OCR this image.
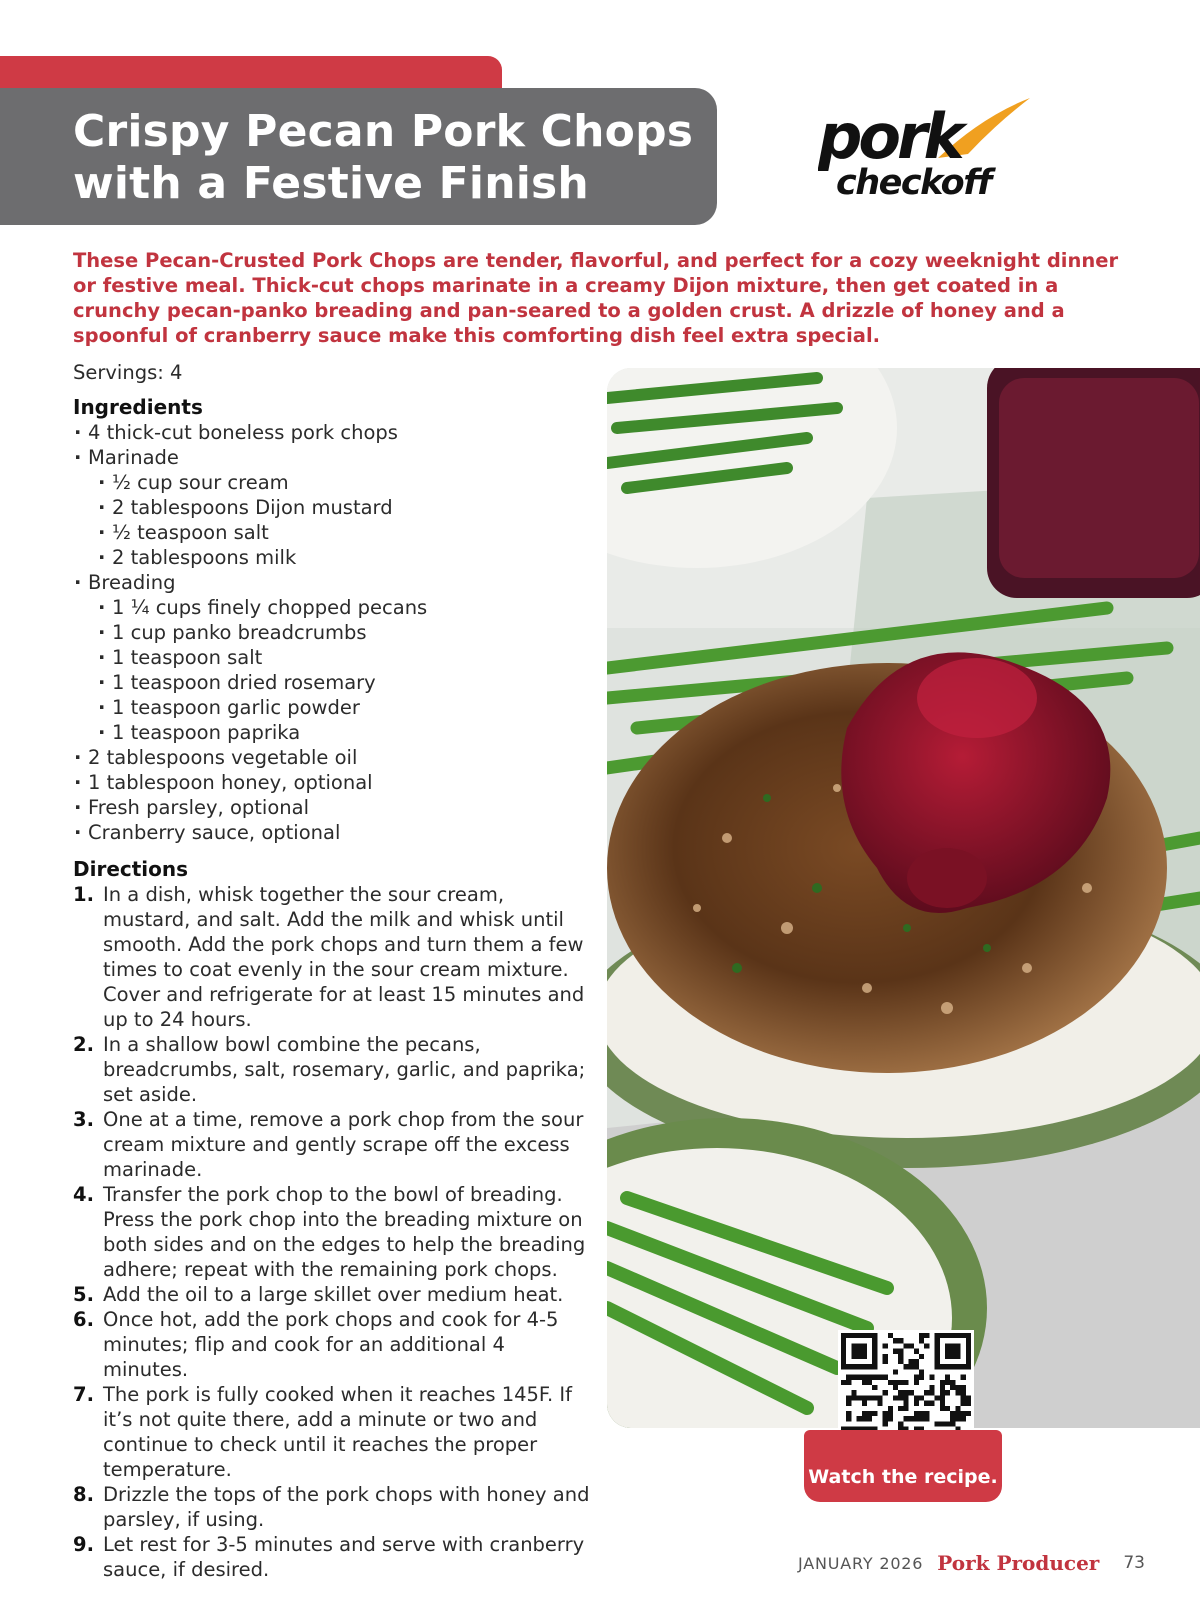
Crispy Pecan Pork Chops
with a Festive Finish
pork
checkoff

These Pecan-Crusted Pork Chops are tender, flavorful, and perfect for a cozy weeknight dinner or festive meal. Thick-cut chops marinate in a creamy Dijon mixture, then get coated in a crunchy pecan-panko breading and pan-seared to a golden crust. A drizzle of honey and a spoonful of cranberry sauce make this comforting dish feel extra special.

Servings: 4

Ingredients

· 4 thick-cut boneless pork chops
· Marinade
· ½ cup sour cream
· 2 tablespoons Dijon mustard
· ½ teaspoon salt
· 2 tablespoons milk
· Breading
· 1 ¼ cups finely chopped pecans
· 1 cup panko breadcrumbs
· 1 teaspoon salt
· 1 teaspoon dried rosemary
· 1 teaspoon garlic powder
· 1 teaspoon paprika
· 2 tablespoons vegetable oil
· 1 tablespoon honey, optional
· Fresh parsley, optional
· Cranberry sauce, optional

Directions

1. In a dish, whisk together the sour cream, mustard, and salt. Add the milk and whisk until smooth. Add the pork chops and turn them a few times to coat evenly in the sour cream mixture. Cover and refrigerate for at least 15 minutes and up to 24 hours.
2. In a shallow bowl combine the pecans, breadcrumbs, salt, rosemary, garlic, and paprika; set aside.
3. One at a time, remove a pork chop from the sour cream mixture and gently scrape off the excess marinade.
4. Transfer the pork chop to the bowl of breading. Press the pork chop into the breading mixture on both sides and on the edges to help the breading adhere; repeat with the remaining pork chops.
5. Add the oil to a large skillet over medium heat.
6. Once hot, add the pork chops and cook for 4-5 minutes; flip and cook for an additional 4 minutes.
7. The pork is fully cooked when it reaches 145F. If it’s not quite there, add a minute or two and continue to check until it reaches the proper temperature.
8. Drizzle the tops of the pork chops with honey and parsley, if using.
9. Let rest for 3-5 minutes and serve with cranberry sauce, if desired.
Watch the recipe.
JANUARY 2026 Pork Producer 73
